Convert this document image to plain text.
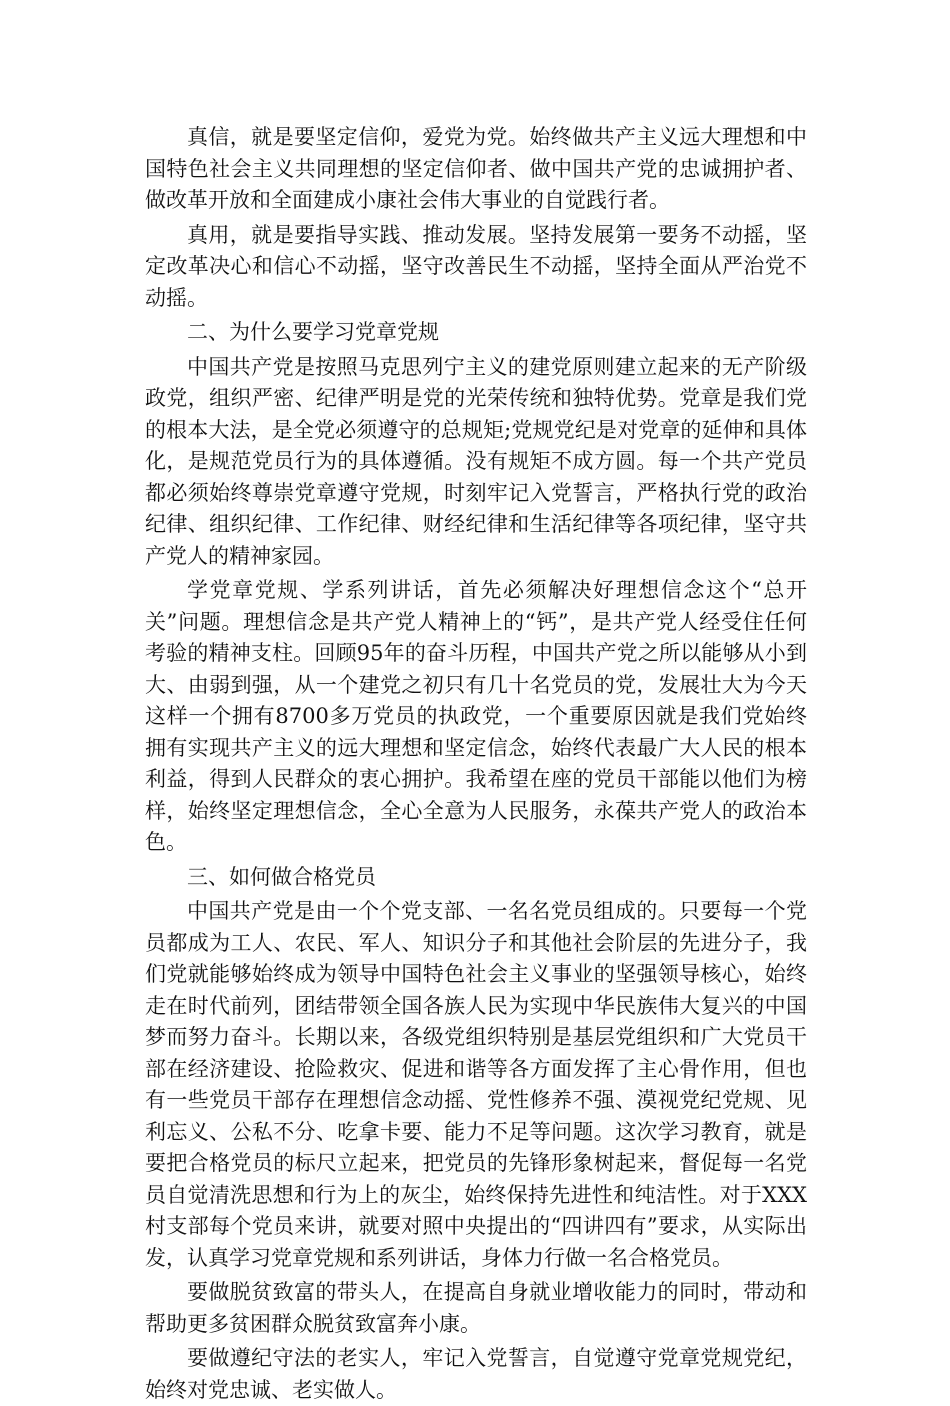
真信，就是要坚定信仰，爱党为党。始终做共产主义远大理想和中国特色社会主义共同理想的坚定信仰者、做中国共产党的忠诚拥护者、做改革开放和全面建成小康社会伟大事业的自觉践行者。

真用，就是要指导实践、推动发展。坚持发展第一要务不动摇，坚定改革决心和信心不动摇，坚守改善民生不动摇，坚持全面从严治党不动摇。

二、为什么要学习党章党规

中国共产党是按照马克思列宁主义的建党原则建立起来的无产阶级政党，组织严密、纪律严明是党的光荣传统和独特优势。党章是我们党的根本大法，是全党必须遵守的总规矩;党规党纪是对党章的延伸和具体化，是规范党员行为的具体遵循。没有规矩不成方圆。每一个共产党员都必须始终尊崇党章遵守党规，时刻牢记入党誓言，严格执行党的政治纪律、组织纪律、工作纪律、财经纪律和生活纪律等各项纪律，坚守共产党人的精神家园。

学党章党规、学系列讲话，首先必须解决好理想信念这个“总开关”问题。理想信念是共产党人精神上的“钙”，是共产党人经受住任何考验的精神支柱。回顾95年的奋斗历程，中国共产党之所以能够从小到大、由弱到强，从一个建党之初只有几十名党员的党，发展壮大为今天这样一个拥有8700多万党员的执政党，一个重要原因就是我们党始终拥有实现共产主义的远大理想和坚定信念，始终代表最广大人民的根本利益，得到人民群众的衷心拥护。我希望在座的党员干部能以他们为榜样，始终坚定理想信念，全心全意为人民服务，永葆共产党人的政治本色。

三、如何做合格党员

中国共产党是由一个个党支部、一名名党员组成的。只要每一个党员都成为工人、农民、军人、知识分子和其他社会阶层的先进分子，我们党就能够始终成为领导中国特色社会主义事业的坚强领导核心，始终走在时代前列，团结带领全国各族人民为实现中华民族伟大复兴的中国梦而努力奋斗。长期以来，各级党组织特别是基层党组织和广大党员干部在经济建设、抢险救灾、促进和谐等各方面发挥了主心骨作用，但也有一些党员干部存在理想信念动摇、党性修养不强、漠视党纪党规、见利忘义、公私不分、吃拿卡要、能力不足等问题。这次学习教育，就是要把合格党员的标尺立起来，把党员的先锋形象树起来，督促每一名党员自觉清洗思想和行为上的灰尘，始终保持先进性和纯洁性。对于XXX村支部每个党员来讲，就要对照中央提出的“四讲四有”要求，从实际出发，认真学习党章党规和系列讲话，身体力行做一名合格党员。

要做脱贫致富的带头人，在提高自身就业增收能力的同时，带动和帮助更多贫困群众脱贫致富奔小康。

要做遵纪守法的老实人，牢记入党誓言，自觉遵守党章党规党纪，始终对党忠诚、老实做人。
